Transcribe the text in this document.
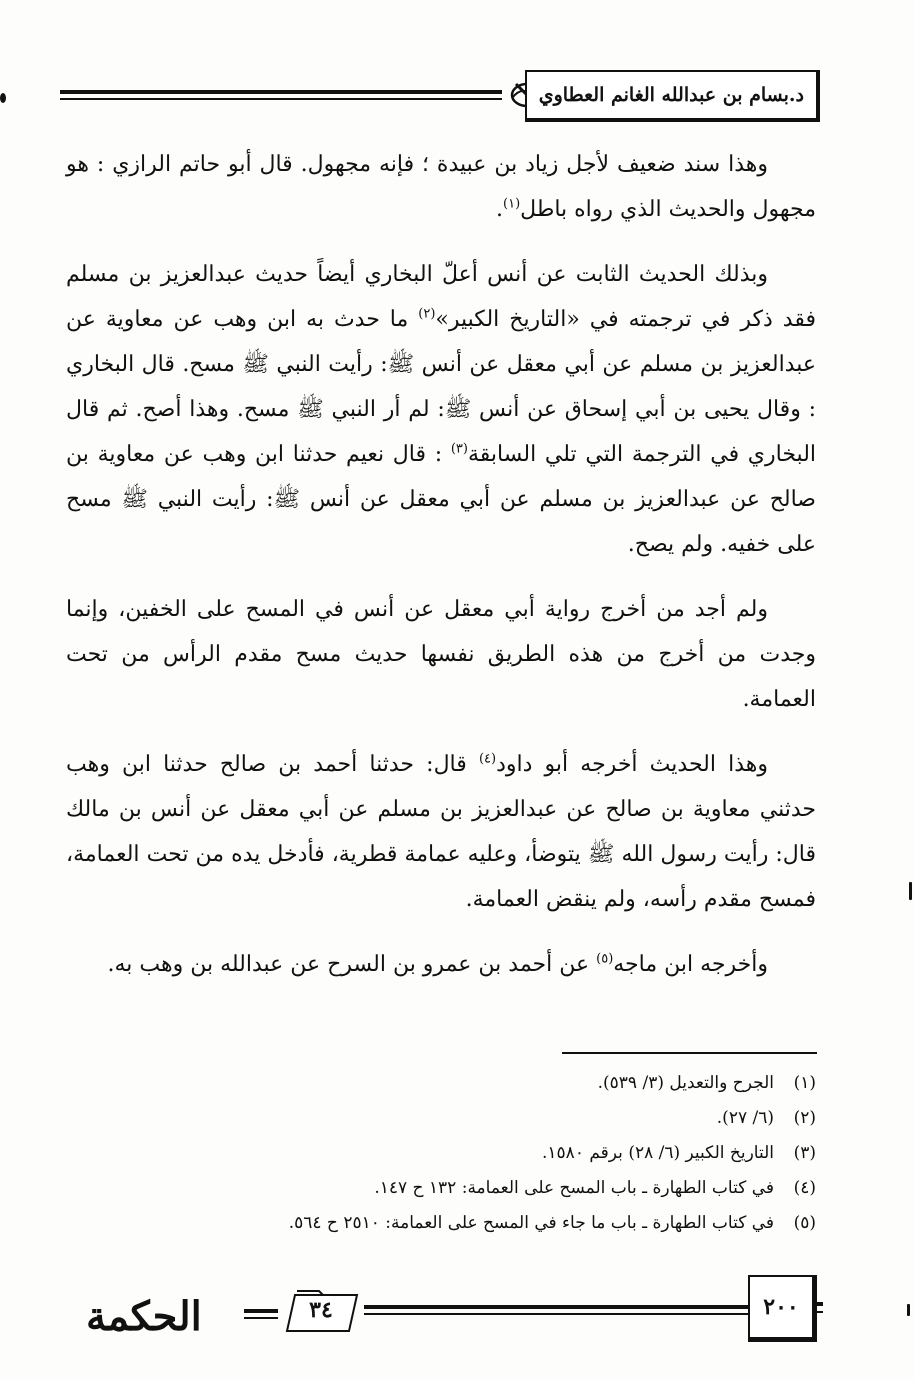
د.بسام بن عبدالله الغانم العطاوي

وهذا سند ضعيف لأجل زياد بن عبيدة ؛ فإنه مجهول. قال أبو حاتم الرازي : هو مجهول والحديث الذي رواه باطل$^{(١)}$.

وبذلك الحديث الثابت عن أنس أعلّ البخاري أيضاً حديث عبدالعزيز بن مسلم فقد ذكر في ترجمته في «التاريخ الكبير»$^{(٢)}$ ما حدث به ابن وهب عن معاوية عن عبدالعزيز بن مسلم عن أبي معقل عن أنس ﷺ: رأيت النبي ﷺ مسح. قال البخاري : وقال يحيى بن أبي إسحاق عن أنس ﷺ: لم أر النبي ﷺ مسح. وهذا أصح. ثم قال البخاري في الترجمة التي تلي السابقة$^{(٣)}$ : قال نعيم حدثنا ابن وهب عن معاوية بن صالح عن عبدالعزيز بن مسلم عن أبي معقل عن أنس ﷺ: رأيت النبي ﷺ مسح على خفيه. ولم يصح.

ولم أجد من أخرج رواية أبي معقل عن أنس في المسح على الخفين، وإنما وجدت من أخرج من هذه الطريق نفسها حديث مسح مقدم الرأس من تحت العمامة.

وهذا الحديث أخرجه أبو داود$^{(٤)}$ قال: حدثنا أحمد بن صالح حدثنا ابن وهب حدثني معاوية بن صالح عن عبدالعزيز بن مسلم عن أبي معقل عن أنس بن مالك قال: رأيت رسول الله ﷺ يتوضأ، وعليه عمامة قطرية، فأدخل يده من تحت العمامة، فمسح مقدم رأسه، ولم ينقض العمامة.

وأخرجه ابن ماجه$^{(٥)}$ عن أحمد بن عمرو بن السرح عن عبدالله بن وهب به.

(١)الجرح والتعديل (٣/ ٥٣٩).
(٢)(٦/ ٢٧).
(٣)التاريخ الكبير (٦/ ٢٨) برقم ١٥٨٠.
(٤)في كتاب الطهارة ـ باب المسح على العمامة: ١٣٢ ح ١٤٧.
(٥)في كتاب الطهارة ـ باب ما جاء في المسح على العمامة: ٢٥١٠ ح ٥٦٤.
الحكمة	٣٤	٢٠٠
